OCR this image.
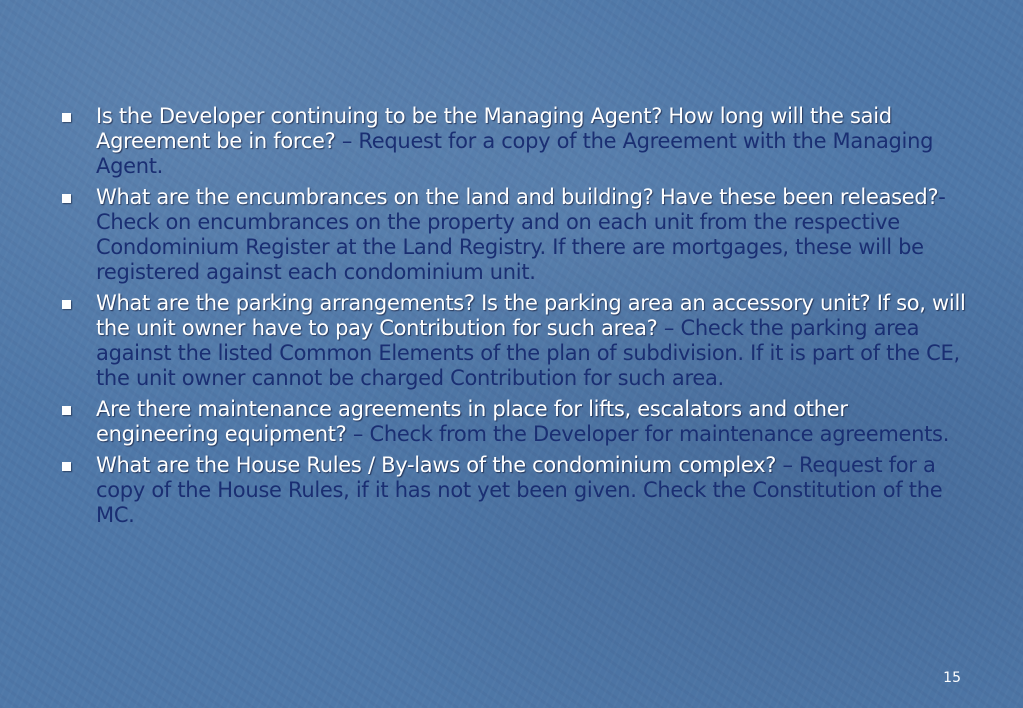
Is the Developer continuing to be the Managing Agent? How long will the said Agreement be in force? – Request for a copy of the Agreement with the Managing Agent.
What are the encumbrances on the land and building? Have these been released?- Check on encumbrances on the property and on each unit from the respective Condominium Register at the Land Registry. If there are mortgages, these will be registered against each condominium unit.
What are the parking arrangements? Is the parking area an accessory unit? If so, will the unit owner have to pay Contribution for such area? – Check the parking area against the listed Common Elements of the plan of subdivision. If it is part of the CE, the unit owner cannot be charged Contribution for such area.
Are there maintenance agreements in place for lifts, escalators and other engineering equipment? – Check from the Developer for maintenance agreements.
What are the House Rules / By-laws of the condominium complex? – Request for a copy of the House Rules, if it has not yet been given. Check the Constitution of the MC.
15
